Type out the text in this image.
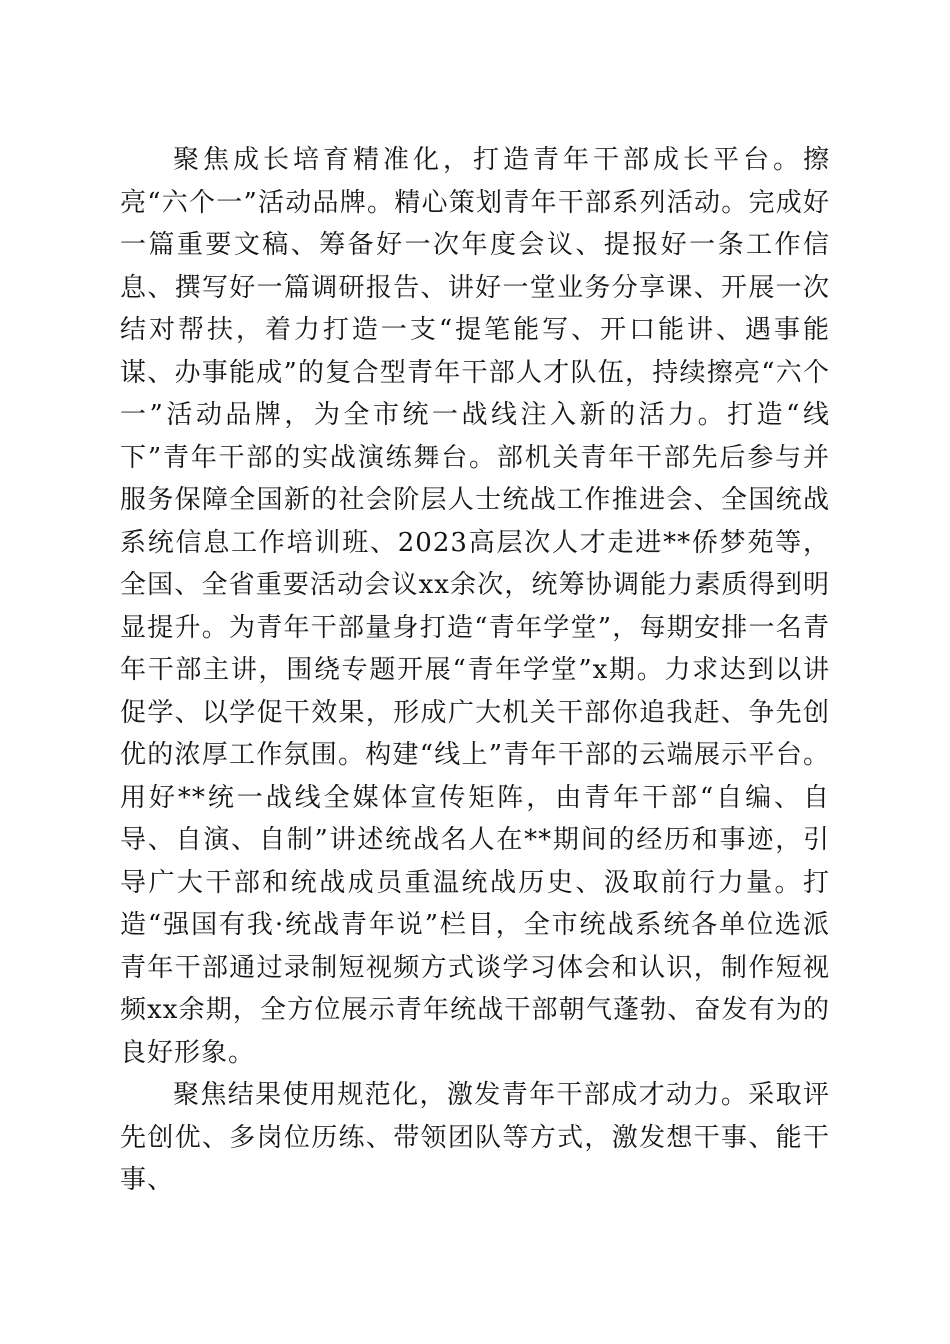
聚焦成长培育精准化，打造青年干部成长平台。擦亮“六个一”活动品牌。精心策划青年干部系列活动。完成好一篇重要文稿、筹备好一次年度会议、提报好一条工作信息、撰写好一篇调研报告、讲好一堂业务分享课、开展一次结对帮扶，着力打造一支“提笔能写、开口能讲、遇事能谋、办事能成”的复合型青年干部人才队伍，持续擦亮“六个一”活动品牌，为全市统一战线注入新的活力。打造“线下”青年干部的实战演练舞台。部机关青年干部先后参与并服务保障全国新的社会阶层人士统战工作推进会、全国统战系统信息工作培训班、2023高层次人才走进**侨梦苑等，全国、全省重要活动会议xx余次，统筹协调能力素质得到明显提升。为青年干部量身打造“青年学堂”，每期安排一名青年干部主讲，围绕专题开展“青年学堂”x期。力求达到以讲促学、以学促干效果，形成广大机关干部你追我赶、争先创优的浓厚工作氛围。构建“线上”青年干部的云端展示平台。用好**统一战线全媒体宣传矩阵，由青年干部“自编、自导、自演、自制”讲述统战名人在**期间的经历和事迹，引导广大干部和统战成员重温统战历史、汲取前行力量。打造“强国有我·统战青年说”栏目，全市统战系统各单位选派青年干部通过录制短视频方式谈学习体会和认识，制作短视频xx余期，全方位展示青年统战干部朝气蓬勃、奋发有为的良好形象。

聚焦结果使用规范化，激发青年干部成才动力。采取评先创优、多岗位历练、带领团队等方式，激发想干事、能干事、
